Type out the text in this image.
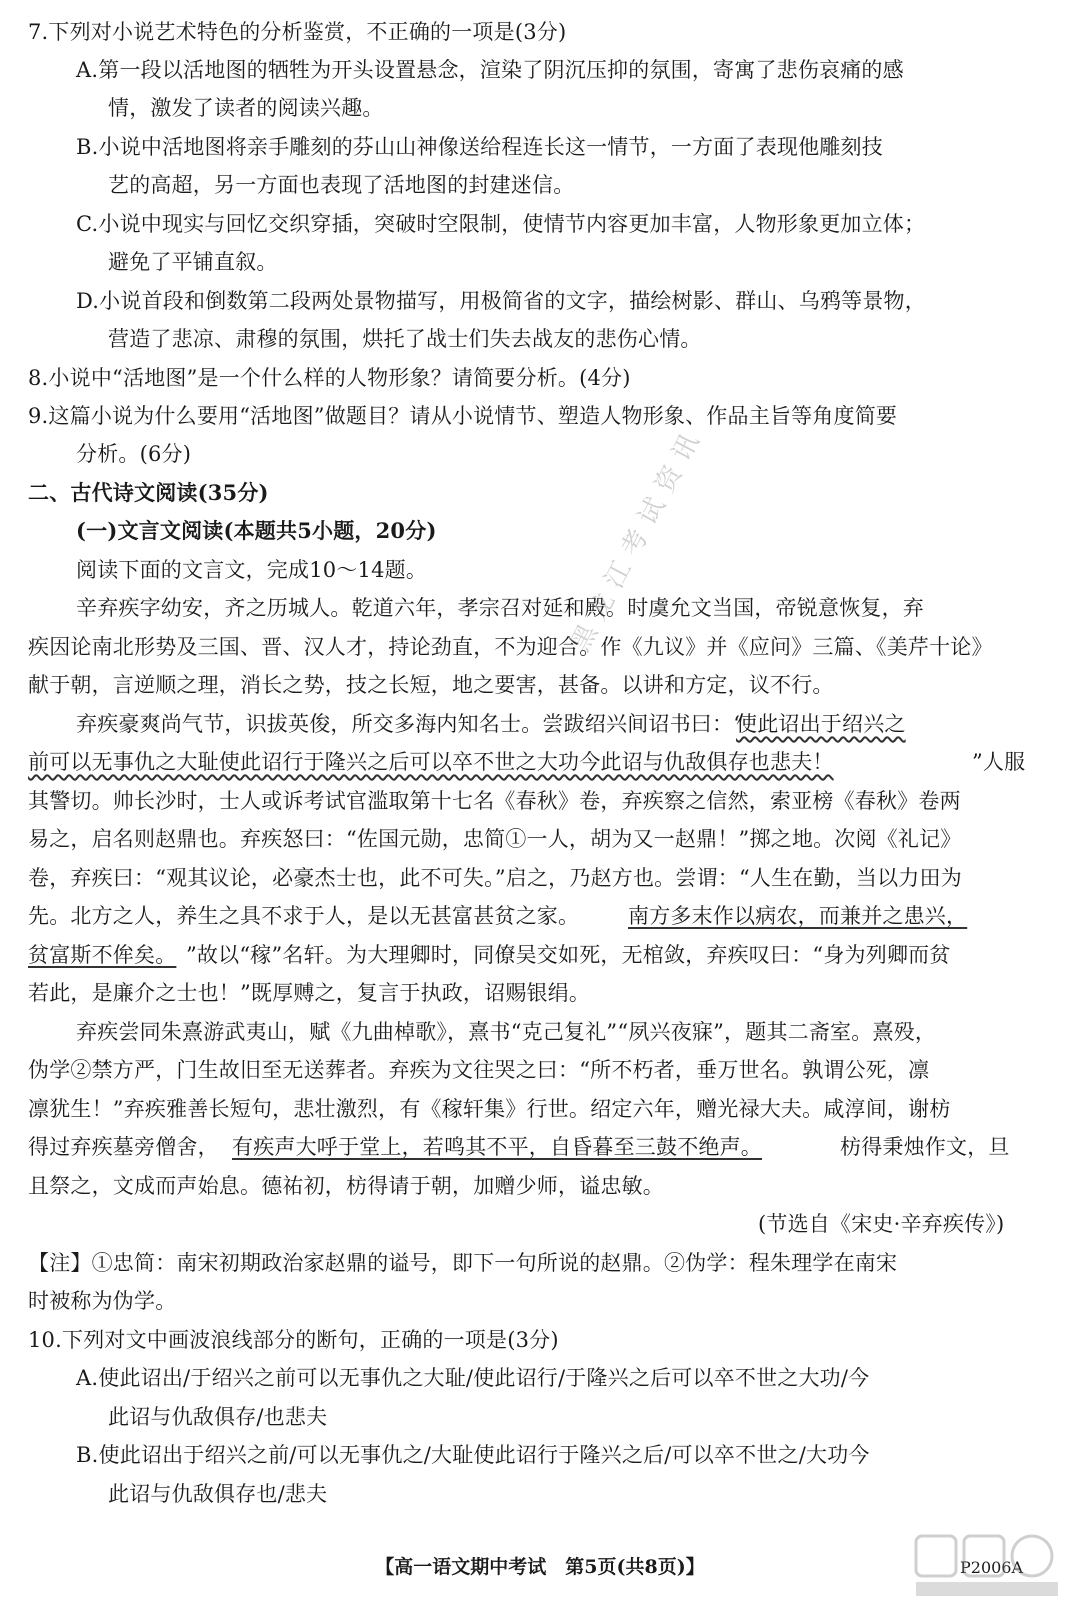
7.下列对小说艺术特色的分析鉴赏，不正确的一项是(3分)
A.第一段以活地图的牺牲为开头设置悬念，渲染了阴沉压抑的氛围，寄寓了悲伤哀痛的感
情，激发了读者的阅读兴趣。
B.小说中活地图将亲手雕刻的芬山山神像送给程连长这一情节，一方面了表现他雕刻技
艺的高超，另一方面也表现了活地图的封建迷信。
C.小说中现实与回忆交织穿插，突破时空限制，使情节内容更加丰富，人物形象更加立体；
避免了平铺直叙。
D.小说首段和倒数第二段两处景物描写，用极简省的文字，描绘树影、群山、乌鸦等景物，
营造了悲凉、肃穆的氛围，烘托了战士们失去战友的悲伤心情。
8.小说中“活地图”是一个什么样的人物形象？请简要分析。(4分)
9.这篇小说为什么要用“活地图”做题目？请从小说情节、塑造人物形象、作品主旨等角度简要
分析。(6分)
二、古代诗文阅读(35分)
(一)文言文阅读(本题共5小题，20分)
阅读下面的文言文，完成10～14题。
辛弃疾字幼安，齐之历城人。乾道六年，孝宗召对延和殿。时虞允文当国，帝锐意恢复，弃
疾因论南北形势及三国、晋、汉人才，持论劲直，不为迎合。作《九议》并《应问》三篇、《美芹十论》
献于朝，言逆顺之理，消长之势，技之长短，地之要害，甚备。以讲和方定，议不行。
弃疾豪爽尚气节，识拔英俊，所交多海内知名士。尝跋绍兴间诏书曰：“
使此诏出于绍兴之
前可以无事仇之大耻使此诏行于隆兴之后可以卒不世之大功今此诏与仇敌俱存也悲夫！	”人服
其警切。帅长沙时，士人或诉考试官滥取第十七名《春秋》卷，弃疾察之信然，索亚榜《春秋》卷两
易之，启名则赵鼎也。弃疾怒曰：“佐国元勋，忠简①一人，胡为又一赵鼎！”掷之地。次阅《礼记》
卷，弃疾曰：“观其议论，必豪杰士也，此不可失。”启之，乃赵方也。尝谓：“人生在勤，当以力田为
先。北方之人，养生之具不求于人，是以无甚富甚贫之家。 南方多末作以病农，而兼并之患兴，
贫富斯不侔矣。 ”故以“稼”名轩。为大理卿时，同僚吴交如死，无棺敛，弃疾叹曰：“身为列卿而贫
若此，是廉介之士也！”既厚赙之，复言于执政，诏赐银绢。
弃疾尝同朱熹游武夷山，赋《九曲棹歌》，熹书“克己复礼”“夙兴夜寐”，题其二斋室。熹殁，
伪学②禁方严，门生故旧至无送葬者。弃疾为文往哭之曰：“所不朽者，垂万世名。孰谓公死，凛
凛犹生！”弃疾雅善长短句，悲壮激烈，有《稼轩集》行世。绍定六年，赠光禄大夫。咸淳间，谢枋
得过弃疾墓旁僧舍， 有疾声大呼于堂上，若鸣其不平，自昏暮至三鼓不绝声。	枋得秉烛作文，旦
且祭之，文成而声始息。德祐初，枋得请于朝，加赠少师，谥忠敏。
(节选自《宋史·辛弃疾传》)
【注】①忠简：南宋初期政治家赵鼎的谥号，即下一句所说的赵鼎。②伪学：程朱理学在南宋
时被称为伪学。
10.下列对文中画波浪线部分的断句，正确的一项是(3分)
A.使此诏出/于绍兴之前可以无事仇之大耻/使此诏行/于隆兴之后可以卒不世之大功/今
此诏与仇敌俱存/也悲夫
B.使此诏出于绍兴之前/可以无事仇之/大耻使此诏行于隆兴之后/可以卒不世之/大功今
此诏与仇敌俱存也/悲夫
黑龙江考试资讯
【高一语文期中考试　第5页(共8页)】	P2006A
